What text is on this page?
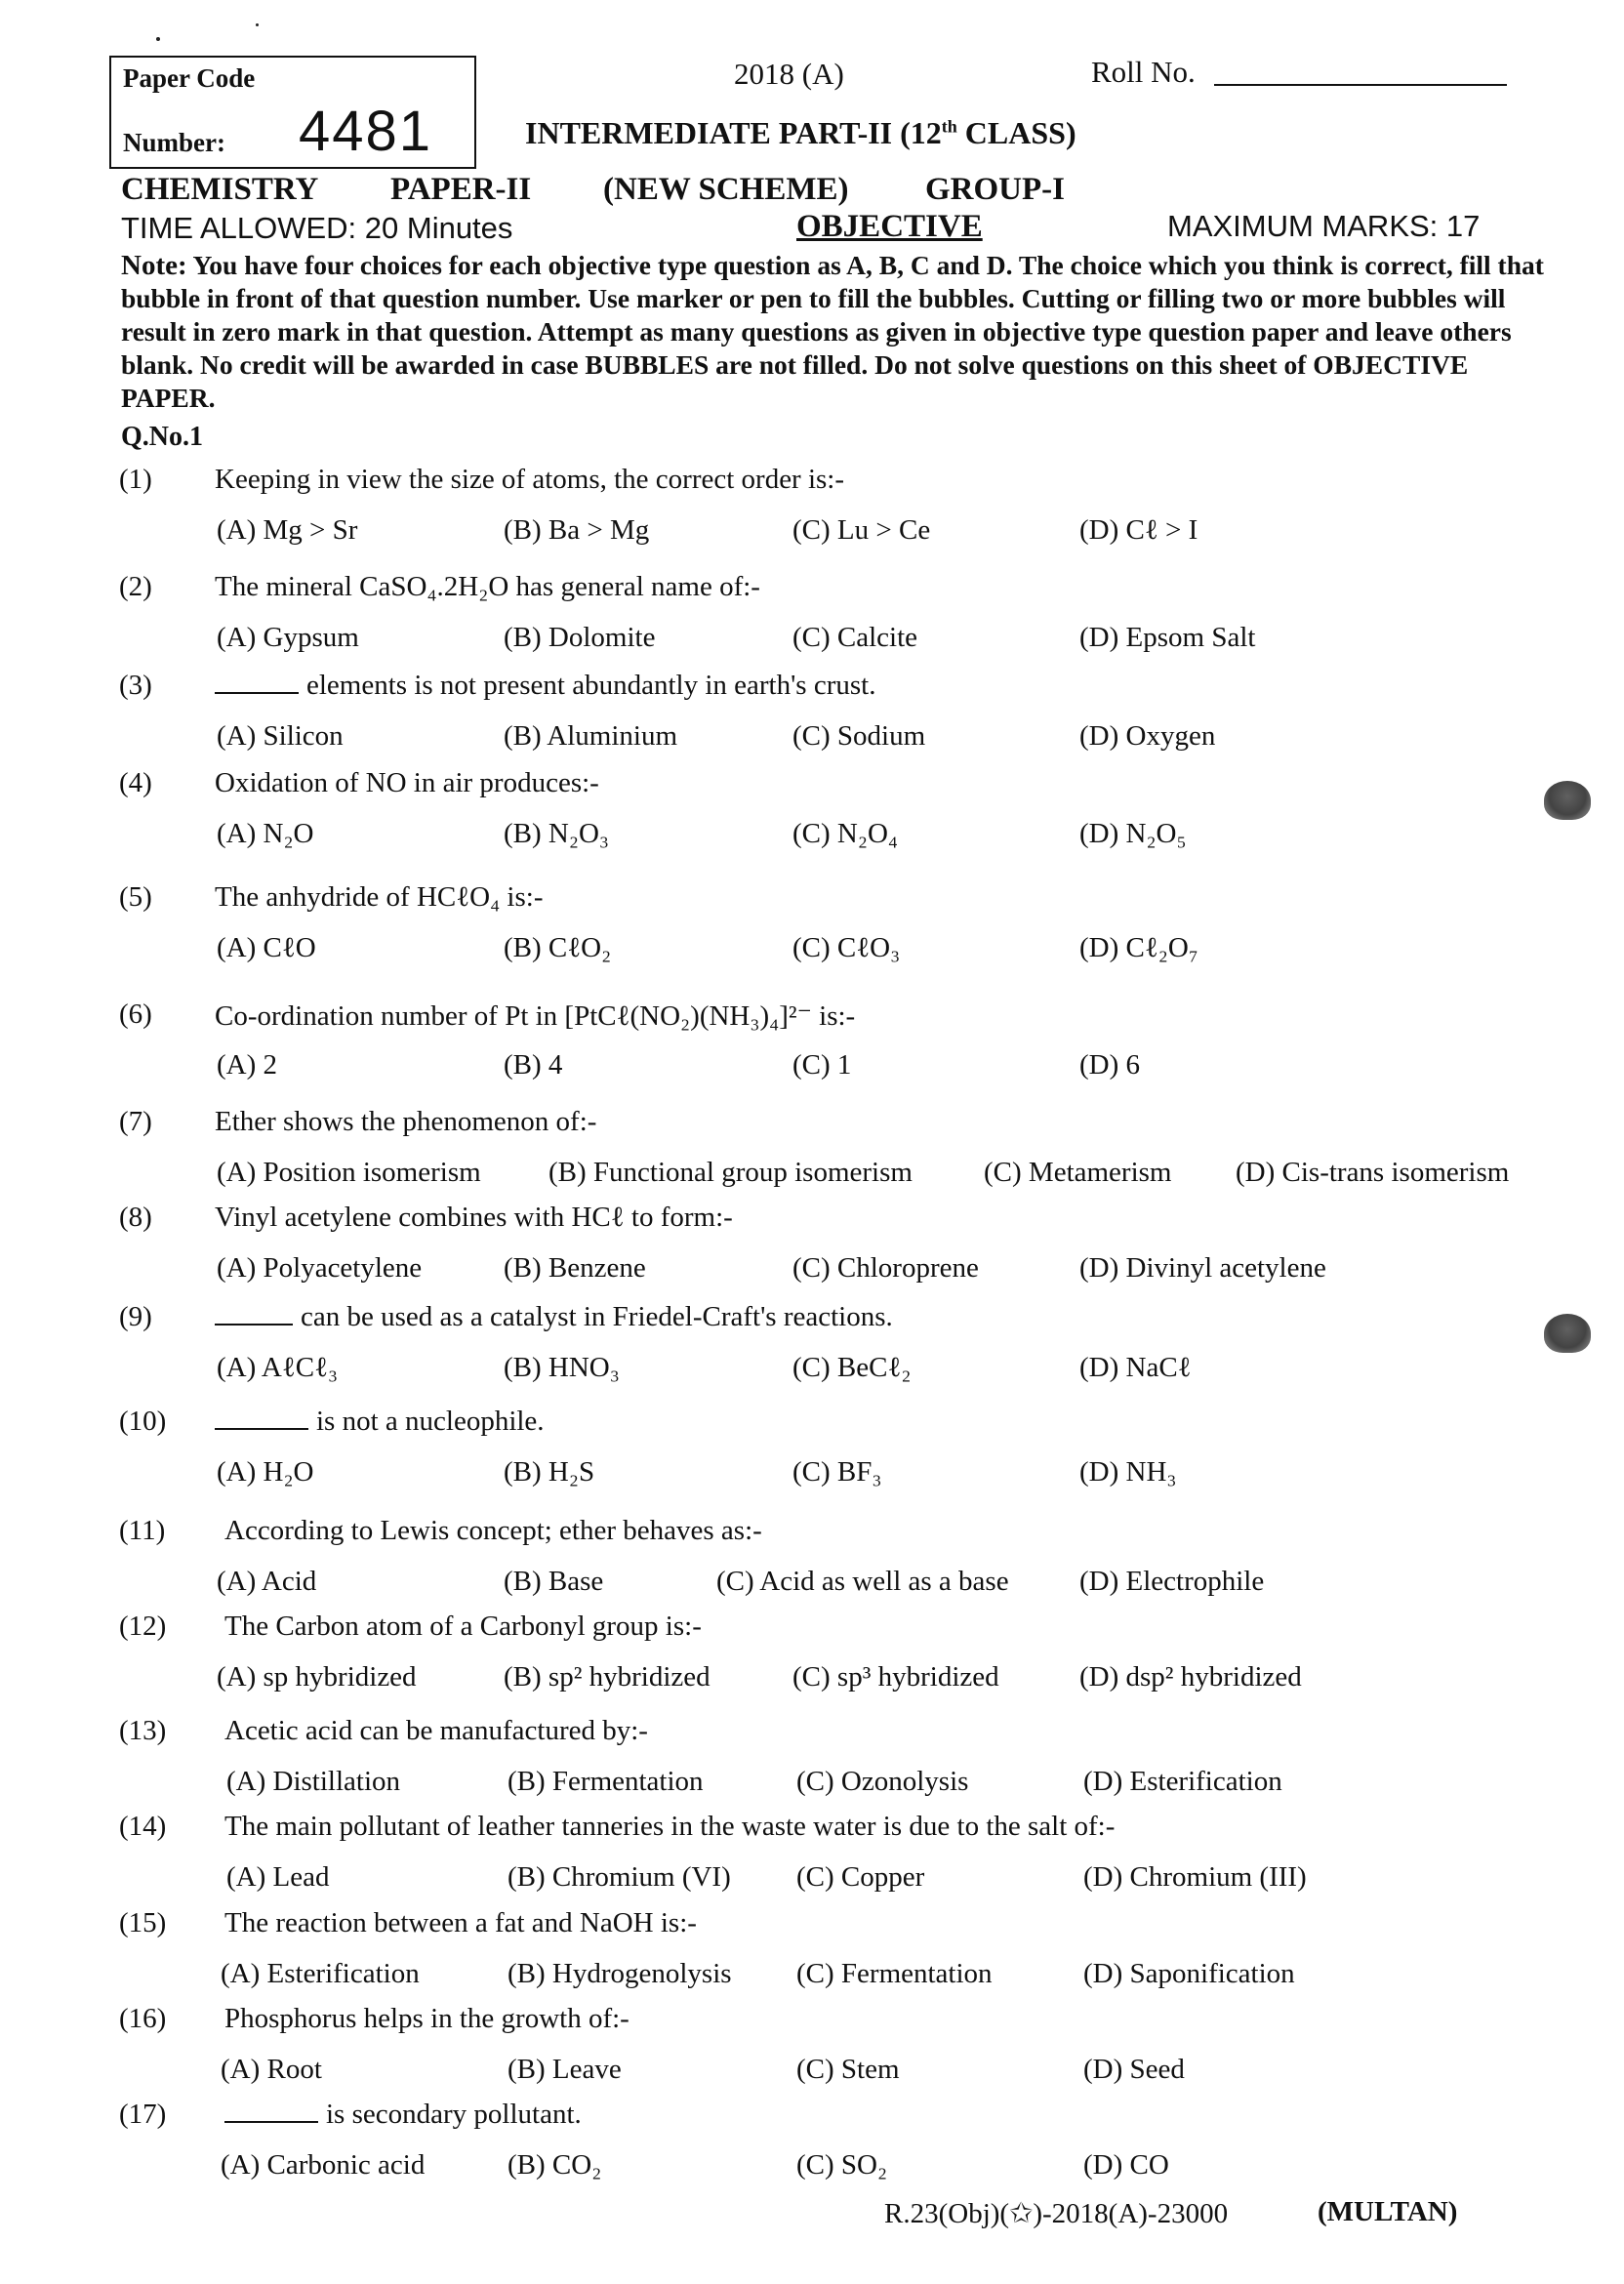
Paper Code
Number: 4481
2018 (A)	Roll No.
INTERMEDIATE PART-II (12th CLASS)
CHEMISTRY PAPER-II (NEW SCHEME) GROUP-I
TIME ALLOWED: 20 Minutes	OBJECTIVE	MAXIMUM MARKS: 17
Note: You have four choices for each objective type question as A, B, C and D. The choice which you think is correct, fill that bubble in front of that question number. Use marker or pen to fill the bubbles. Cutting or filling two or more bubbles will result in zero mark in that question. Attempt as many questions as given in objective type question paper and leave others blank. No credit will be awarded in case BUBBLES are not filled. Do not solve questions on this sheet of OBJECTIVE PAPER.
Q.No.1
(1) Keeping in view the size of atoms, the correct order is:-
(A) Mg > Sr	(B) Ba > Mg	(C) Lu > Ce	(D) Cℓ > I
(2) The mineral CaSO₄.2H₂O has general name of:-
(A) Gypsum	(B) Dolomite	(C) Calcite	(D) Epsom Salt
(3)	elements is not present abundantly in earth's crust.
(A) Silicon	(B) Aluminium	(C) Sodium	(D) Oxygen
(4) Oxidation of NO in air produces:-
(A) N₂O	(B) N₂O₃	(C) N₂O₄	(D) N₂O₅
(5) The anhydride of HCℓO₄ is:-
(A) CℓO	(B) CℓO₂	(C) CℓO₃	(D) Cℓ₂O₇
(6) Co-ordination number of Pt in [PtCℓ(NO₂)(NH₃)₄]²⁻ is:-
(A) 2	(B) 4	(C) 1	(D) 6
(7) Ether shows the phenomenon of:-
(A) Position isomerism (B) Functional group isomerism	(C) Metamerism (D) Cis-trans isomerism
(8) Vinyl acetylene combines with HCℓ to form:-
(A) Polyacetylene	(B) Benzene	(C) Chloroprene	(D) Divinyl acetylene
(9)	can be used as a catalyst in Friedel-Craft's reactions.
(A) AℓCℓ₃	(B) HNO₃	(C) BeCℓ₂	(D) NaCℓ
(10)	is not a nucleophile.
(A) H₂O	(B) H₂S	(C) BF₃	(D) NH₃
(11) According to Lewis concept; ether behaves as:-
(A) Acid	(B) Base	(C) Acid as well as a base (D) Electrophile
(12) The Carbon atom of a Carbonyl group is:-
(A) sp hybridized	(B) sp² hybridized	(C) sp³ hybridized	(D) dsp² hybridized
(13) Acetic acid can be manufactured by:-
(A) Distillation	(B) Fermentation	(C) Ozonolysis	(D) Esterification
(14) The main pollutant of leather tanneries in the waste water is due to the salt of:-
(A) Lead	(B) Chromium (VI) (C) Copper	(D) Chromium (III)
(15) The reaction between a fat and NaOH is:-
(A) Esterification	(B) Hydrogenolysis (C) Fermentation	(D) Saponification
(16) Phosphorus helps in the growth of:-
(A) Root	(B) Leave	(C) Stem	(D) Seed
(17)	is secondary pollutant.
(A) Carbonic acid	(B) CO₂	(C) SO₂	(D) CO
R.23(Obj)(✩)-2018(A)-23000	(MULTAN)
